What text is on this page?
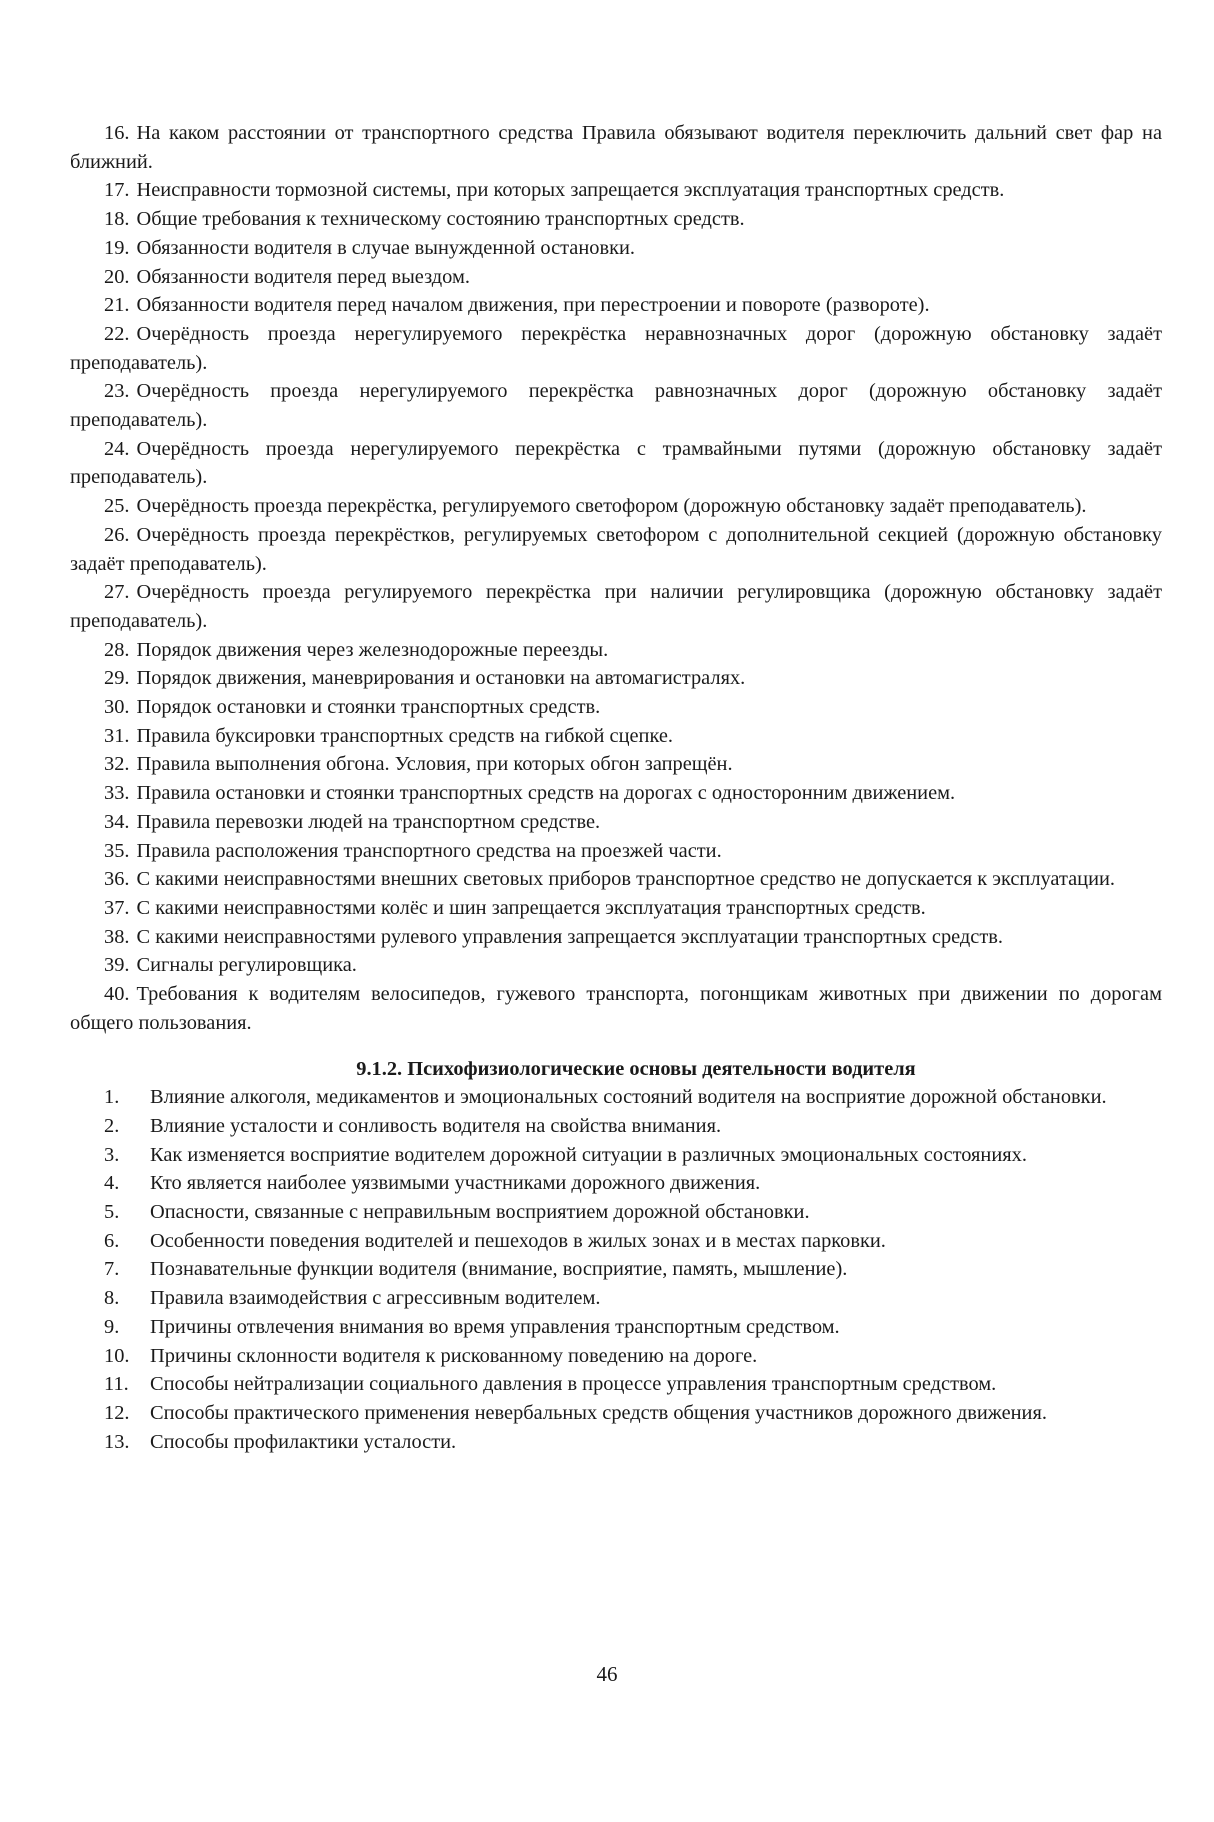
16. На каком расстоянии от транспортного средства Правила обязывают водителя переключить дальний свет фар на ближний.

17. Неисправности тормозной системы, при которых запрещается эксплуатация транспортных средств.

18. Общие требования к техническому состоянию транспортных средств.

19. Обязанности водителя в случае вынужденной остановки.

20. Обязанности водителя перед выездом.

21. Обязанности водителя перед началом движения, при перестроении и повороте (развороте).

22. Очерёдность проезда нерегулируемого перекрёстка неравнозначных дорог (дорожную обстановку задаёт преподаватель).

23. Очерёдность проезда нерегулируемого перекрёстка равнозначных дорог (дорожную обстановку задаёт преподаватель).

24. Очерёдность проезда нерегулируемого перекрёстка с трамвайными путями (дорожную обстановку задаёт преподаватель).

25. Очерёдность проезда перекрёстка, регулируемого светофором (дорожную обстановку задаёт преподаватель).

26. Очерёдность проезда перекрёстков, регулируемых светофором с дополнительной секцией (дорожную обстановку задаёт преподаватель).

27. Очерёдность проезда регулируемого перекрёстка при наличии регулировщика (дорожную обстановку задаёт преподаватель).

28. Порядок движения через железнодорожные переезды.

29. Порядок движения, маневрирования и остановки на автомагистралях.

30. Порядок остановки и стоянки транспортных средств.

31. Правила буксировки транспортных средств на гибкой сцепке.

32. Правила выполнения обгона. Условия, при которых обгон запрещён.

33. Правила остановки и стоянки транспортных средств на дорогах с односторонним движением.

34. Правила перевозки людей на транспортном средстве.

35. Правила расположения транспортного средства на проезжей части.

36. С какими неисправностями внешних световых приборов транспортное средство не допускается к эксплуатации.

37. С какими неисправностями колёс и шин запрещается эксплуатация транспортных средств.

38. С какими неисправностями рулевого управления запрещается эксплуатации транспортных средств.

39. Сигналы регулировщика.

40. Требования к водителям велосипедов, гужевого транспорта, погонщикам животных при движении по дорогам общего пользования.

9.1.2. Психофизиологические основы деятельности водителя

1. Влияние алкоголя, медикаментов и эмоциональных состояний водителя на восприятие дорожной обстановки.

2. Влияние усталости и сонливость водителя на свойства внимания.

3. Как изменяется восприятие водителем дорожной ситуации в различных эмоциональных состояниях.

4. Кто является наиболее уязвимыми участниками дорожного движения.

5. Опасности, связанные с неправильным восприятием дорожной обстановки.

6. Особенности поведения водителей и пешеходов в жилых зонах и в местах парковки.

7. Познавательные функции водителя (внимание, восприятие, память, мышление).

8. Правила взаимодействия с агрессивным водителем.

9. Причины отвлечения внимания во время управления транспортным средством.

10. Причины склонности водителя к рискованному поведению на дороге.

11. Способы нейтрализации социального давления в процессе управления транспортным средством.

12. Способы практического применения невербальных средств общения участников дорожного движения.

13. Способы профилактики усталости.

46
